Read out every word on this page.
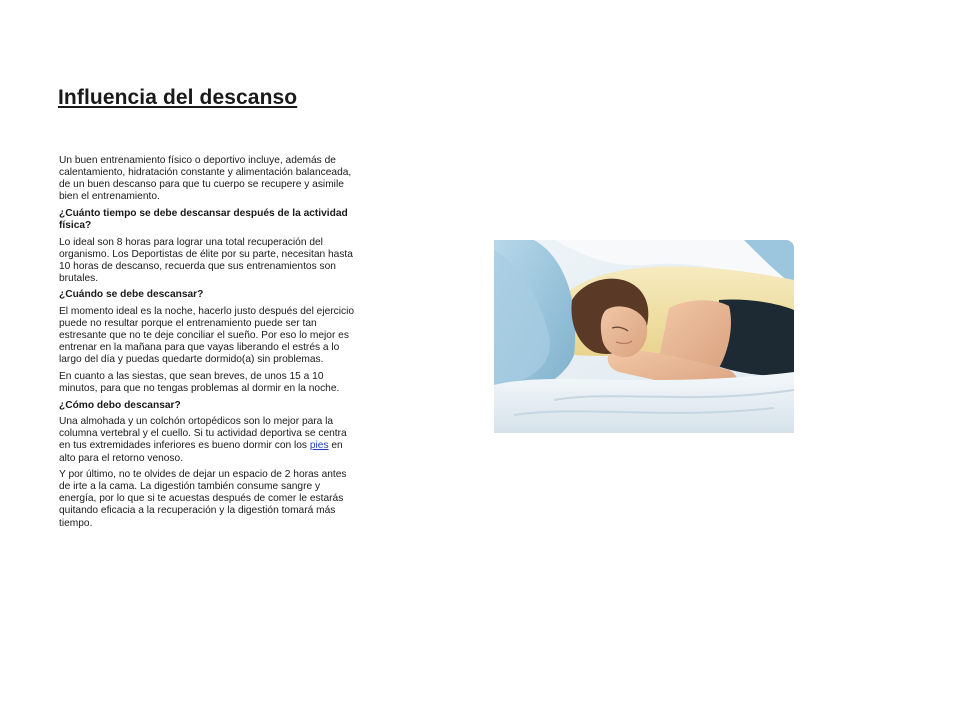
Influencia del descanso

Un buen entrenamiento físico o deportivo incluye, además de calentamiento, hidratación constante y alimentación balanceada, de un buen descanso para que tu cuerpo se recupere y asimile bien el entrenamiento.

¿Cuánto tiempo se debe descansar después de la actividad física?

Lo ideal son 8 horas para lograr una total recuperación del organismo. Los Deportistas de élite por su parte, necesitan hasta 10 horas de descanso, recuerda que sus entrenamientos son brutales.

¿Cuándo se debe descansar?

El momento ideal es la noche, hacerlo justo después del ejercicio puede no resultar porque el entrenamiento puede ser tan estresante que no te deje conciliar el sueño. Por eso lo mejor es entrenar en la mañana para que vayas liberando el estrés a lo largo del día y puedas quedarte dormido(a) sin problemas.

En cuanto a las siestas, que sean breves, de unos 15 a 10 minutos, para que no tengas problemas al dormir en la noche.

¿Cómo debo descansar?

Una almohada y un colchón ortopédicos son lo mejor para la columna vertebral y el cuello. Si tu actividad deportiva se centra en tus extremidades inferiores es bueno dormir con los pies en alto para el retorno venoso.

Y por último, no te olvides de dejar un espacio de 2 horas antes de irte a la cama. La digestión también consume sangre y energía, por lo que si te acuestas después de comer le estarás quitando eficacia a la recuperación y la digestión tomará más tiempo.
